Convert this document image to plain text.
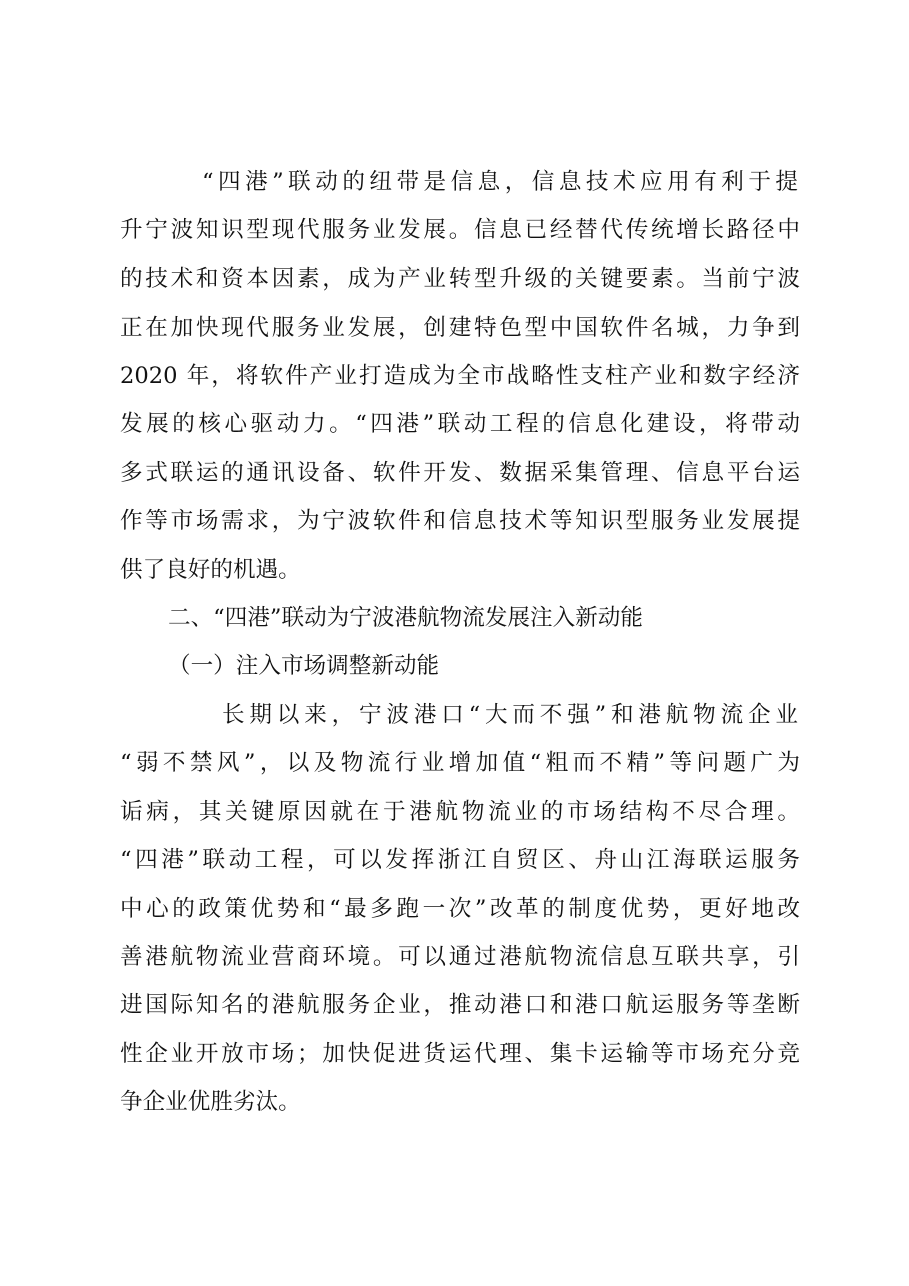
“四港”联动的纽带是信息，信息技术应用有利于提
升宁波知识型现代服务业发展。信息已经替代传统增长路径中
的技术和资本因素，成为产业转型升级的关键要素。当前宁波
正在加快现代服务业发展，创建特色型中国软件名城，力争到
2020 年，将软件产业打造成为全市战略性支柱产业和数字经济
发展的核心驱动力。“四港”联动工程的信息化建设，将带动
多式联运的通讯设备、软件开发、数据采集管理、信息平台运
作等市场需求，为宁波软件和信息技术等知识型服务业发展提
供了良好的机遇。
二、“四港”联动为宁波港航物流发展注入新动能
（一）注入市场调整新动能
长期以来，宁波港口“大而不强”和港航物流企业
“弱不禁风”，以及物流行业增加值“粗而不精”等问题广为
诟病，其关键原因就在于港航物流业的市场结构不尽合理。
“四港”联动工程，可以发挥浙江自贸区、舟山江海联运服务
中心的政策优势和“最多跑一次”改革的制度优势，更好地改
善港航物流业营商环境。可以通过港航物流信息互联共享，引
进国际知名的港航服务企业，推动港口和港口航运服务等垄断
性企业开放市场；加快促进货运代理、集卡运输等市场充分竞
争企业优胜劣汰。
